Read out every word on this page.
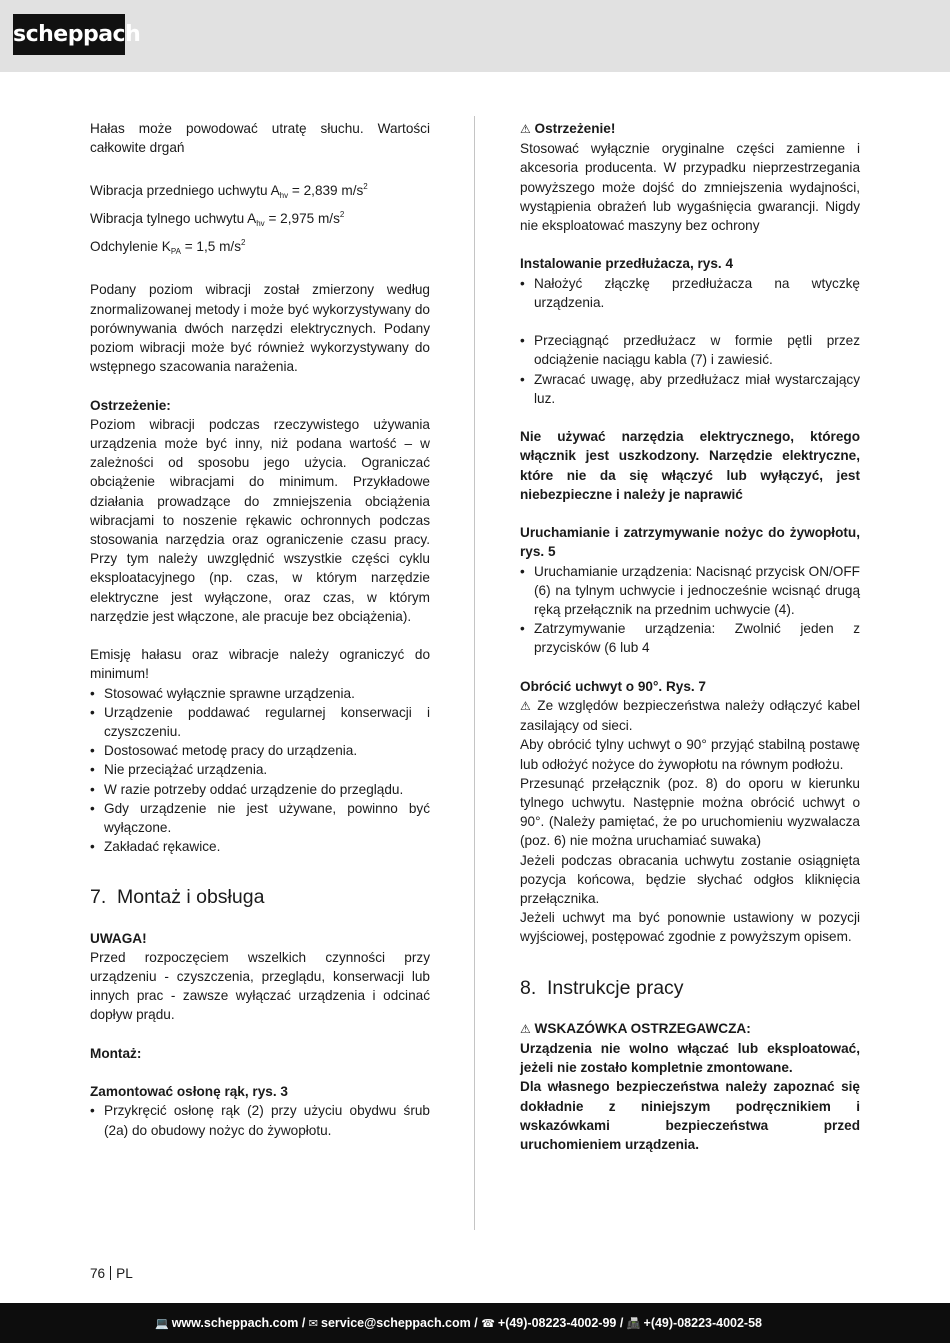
scheppach
Hałas może powodować utratę słuchu. Wartości całkowite drgań
Wibracja przedniego uchwytu $A_{hv} = 2,839$ $m/s^2$
Wibracja tylnego uchwytu $A_{hv} = 2,975$ $m/s^2$
Odchylenie $K_{PA} = 1,5$ $m/s^2$
Podany poziom wibracji został zmierzony według znormalizowanej metody i może być wykorzystywany do porównywania dwóch narzędzi elektrycznych. Podany poziom wibracji może być również wykorzystywany do wstępnego szacowania narażenia.
Ostrzeżenie:
Poziom wibracji podczas rzeczywistego używania urządzenia może być inny, niż podana wartość – w zależności od sposobu jego użycia. Ograniczać obciążenie wibracjami do minimum. Przykładowe działania prowadzące do zmniejszenia obciążenia wibracjami to noszenie rękawic ochronnych podczas stosowania narzędzia oraz ograniczenie czasu pracy. Przy tym należy uwzględnić wszystkie części cyklu eksploatacyjnego (np. czas, w którym narzędzie elektryczne jest wyłączone, oraz czas, w którym narzędzie jest włączone, ale pracuje bez obciążenia).
Emisję hałasu oraz wibracje należy ograniczyć do minimum!
• Stosować wyłącznie sprawne urządzenia.
• Urządzenie poddawać regularnej konserwacji i czyszczeniu.
• Dostosować metodę pracy do urządzenia.
• Nie przeciążać urządzenia.
• W razie potrzeby oddać urządzenie do przeglądu.
• Gdy urządzenie nie jest używane, powinno być wyłączone.
• Zakładać rękawice.
7. Montaż i obsługa
UWAGA!
Przed rozpoczęciem wszelkich czynności przy urządzeniu - czyszczenia, przeglądu, konserwacji lub innych prac - zawsze wyłączać urządzenia i odcinać dopływ prądu.
Montaż:
Zamontować osłonę rąk, rys. 3
• Przykręcić osłonę rąk (2) przy użyciu obydwu śrub (2a) do obudowy nożyc do żywopłotu.
⚠ Ostrzeżenie!
Stosować wyłącznie oryginalne części zamienne i akcesoria producenta. W przypadku nieprzestrzegania powyższego może dojść do zmniejszenia wydajności, wystąpienia obrażeń lub wygaśnięcia gwarancji. Nigdy nie eksploatować maszyny bez ochrony
Instalowanie przedłużacza, rys. 4
• Nałożyć złączkę przedłużacza na wtyczkę urządzenia.
• Przeciągnąć przedłużacz w formie pętli przez odciążenie naciągu kabla (7) i zawiesić.
• Zwracać uwagę, aby przedłużacz miał wystarczający luz.
Nie używać narzędzia elektrycznego, którego włącznik jest uszkodzony. Narzędzie elektryczne, które nie da się włączyć lub wyłączyć, jest niebezpieczne i należy je naprawić
Uruchamianie i zatrzymywanie nożyc do żywopłotu, rys. 5
• Uruchamianie urządzenia: Nacisnąć przycisk ON/OFF (6) na tylnym uchwycie i jednocześnie wcisnąć drugą ręką przełącznik na przednim uchwycie (4).
• Zatrzymywanie urządzenia: Zwolnić jeden z przycisków (6 lub 4
Obrócić uchwyt o 90°. Rys. 7
⚠ Ze względów bezpieczeństwa należy odłączyć kabel zasilający od sieci.
Aby obrócić tylny uchwyt o 90° przyjąć stabilną postawę lub odłożyć nożyce do żywopłotu na równym podłożu.
Przesunąć przełącznik (poz. 8) do oporu w kierunku tylnego uchwytu. Następnie można obrócić uchwyt o 90°. (Należy pamiętać, że po uruchomieniu wyzwalacza (poz. 6) nie można uruchamiać suwaka)
Jeżeli podczas obracania uchwytu zostanie osiągnięta pozycja końcowa, będzie słychać odgłos kliknięcia przełącznika.
Jeżeli uchwyt ma być ponownie ustawiony w pozycji wyjściowej, postępować zgodnie z powyższym opisem.
8. Instrukcje pracy
⚠ WSKAZÓWKA OSTRZEGAWCZA:
Urządzenia nie wolno włączać lub eksploatować, jeżeli nie zostało kompletnie zmontowane.
Dla własnego bezpieczeństwa należy zapoznać się dokładnie z niniejszym podręcznikiem i wskazówkami bezpieczeństwa przed uruchomieniem urządzenia.
76 PL
💻 www.scheppach.com / ✉ service@scheppach.com / ☎ +(49)-08223-4002-99 / 📠 +(49)-08223-4002-58
